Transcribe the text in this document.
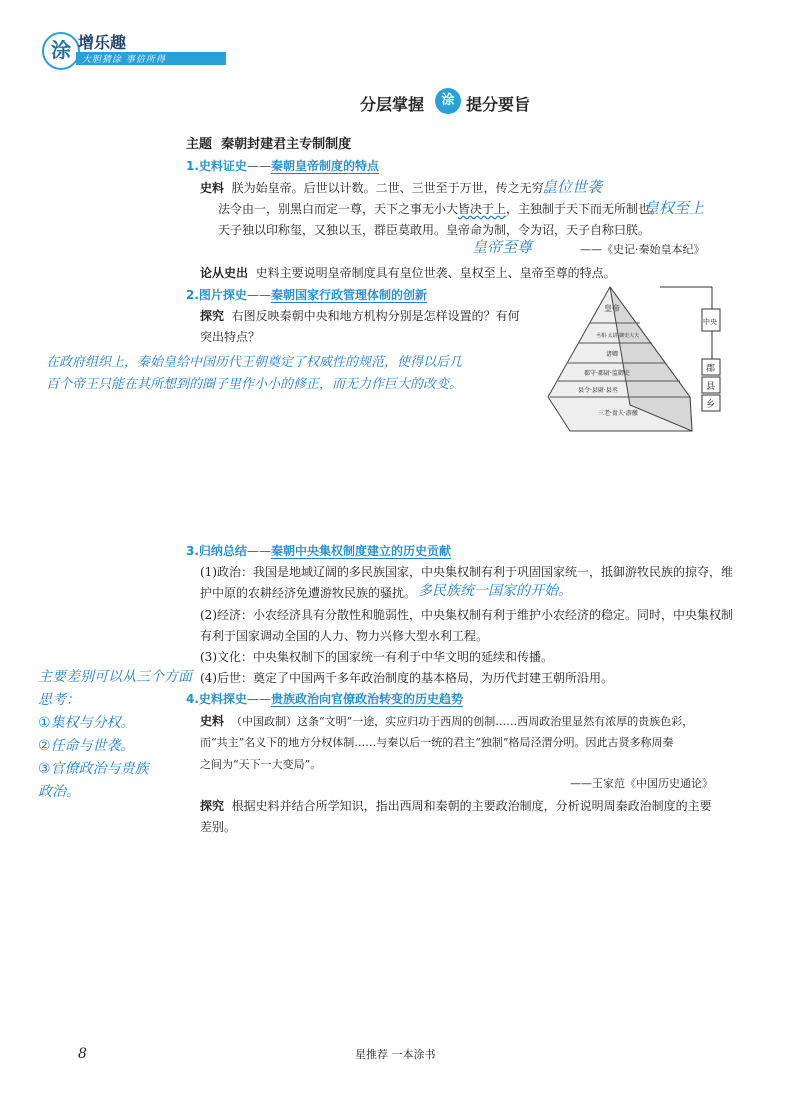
涂 增乐趣
大胆猜涂 事倍所得
分层掌握	涂 提分要旨
主题 秦朝封建君主专制制度
1.史料证史——秦朝皇帝制度的特点
史料 朕为始皇帝。后世以计数。二世、三世至于万世，传之无穷。
法令由一，别黑白而定一尊，天下之事无小大皆决于上，主独制于天下而无所制也。
天子独以印称玺，又独以玉，群臣莫敢用。皇帝命为制，令为诏，天子自称曰朕。
——《史记·秦始皇本纪》
皇位世袭
皇权至上
皇帝至尊
论从史出 史料主要说明皇帝制度具有皇位世袭、皇权至上、皇帝至尊的特点。
2.图片探史——秦朝国家行政管理体制的创新
探究 右图反映秦朝中央和地方机构分别是怎样设置的？有何
突出特点？
皇帝
丞相·太尉·御史大夫
诸卿
郡守·郡尉·监御史
县令·县尉·县丞
三老·啬夫·游徼
中央
郡
县
乡
在政府组织上，秦始皇给中国历代王朝奠定了权威性的规范，使得以后几
百个帝王只能在其所想到的圈子里作小小的修正，而无力作巨大的改变。
3.归纳总结——秦朝中央集权制度建立的历史贡献
(1)政治：我国是地域辽阔的多民族国家，中央集权制有利于巩固国家统一，抵御游牧民族的掠夺，维
护中原的农耕经济免遭游牧民族的骚扰。 多民族统一国家的开始。
(2)经济：小农经济具有分散性和脆弱性，中央集权制有利于维护小农经济的稳定。同时，中央集权制
有利于国家调动全国的人力、物力兴修大型水利工程。
(3)文化：中央集权制下的国家统一有利于中华文明的延续和传播。
(4)后世：奠定了中国两千多年政治制度的基本格局，为历代封建王朝所沿用。
主要差别可以从三个方面
思考：
①集权与分权。
②任命与世袭。
③官僚政治与贵族
政治。
4.史料探史——贵族政治向官僚政治转变的历史趋势
史料 （中国政制）这条“文明”一途，实应归功于西周的创制……西周政治里显然有浓厚的贵族色彩，
而“共主”名义下的地方分权体制……与秦以后一统的君主“独制”格局泾渭分明。因此古贤多称周秦
之间为“天下一大变局”。
——王家范《中国历史通论》
探究 根据史料并结合所学知识，指出西周和秦朝的主要政治制度，分析说明周秦政治制度的主要
差别。
8	星推荐 一本涂书
